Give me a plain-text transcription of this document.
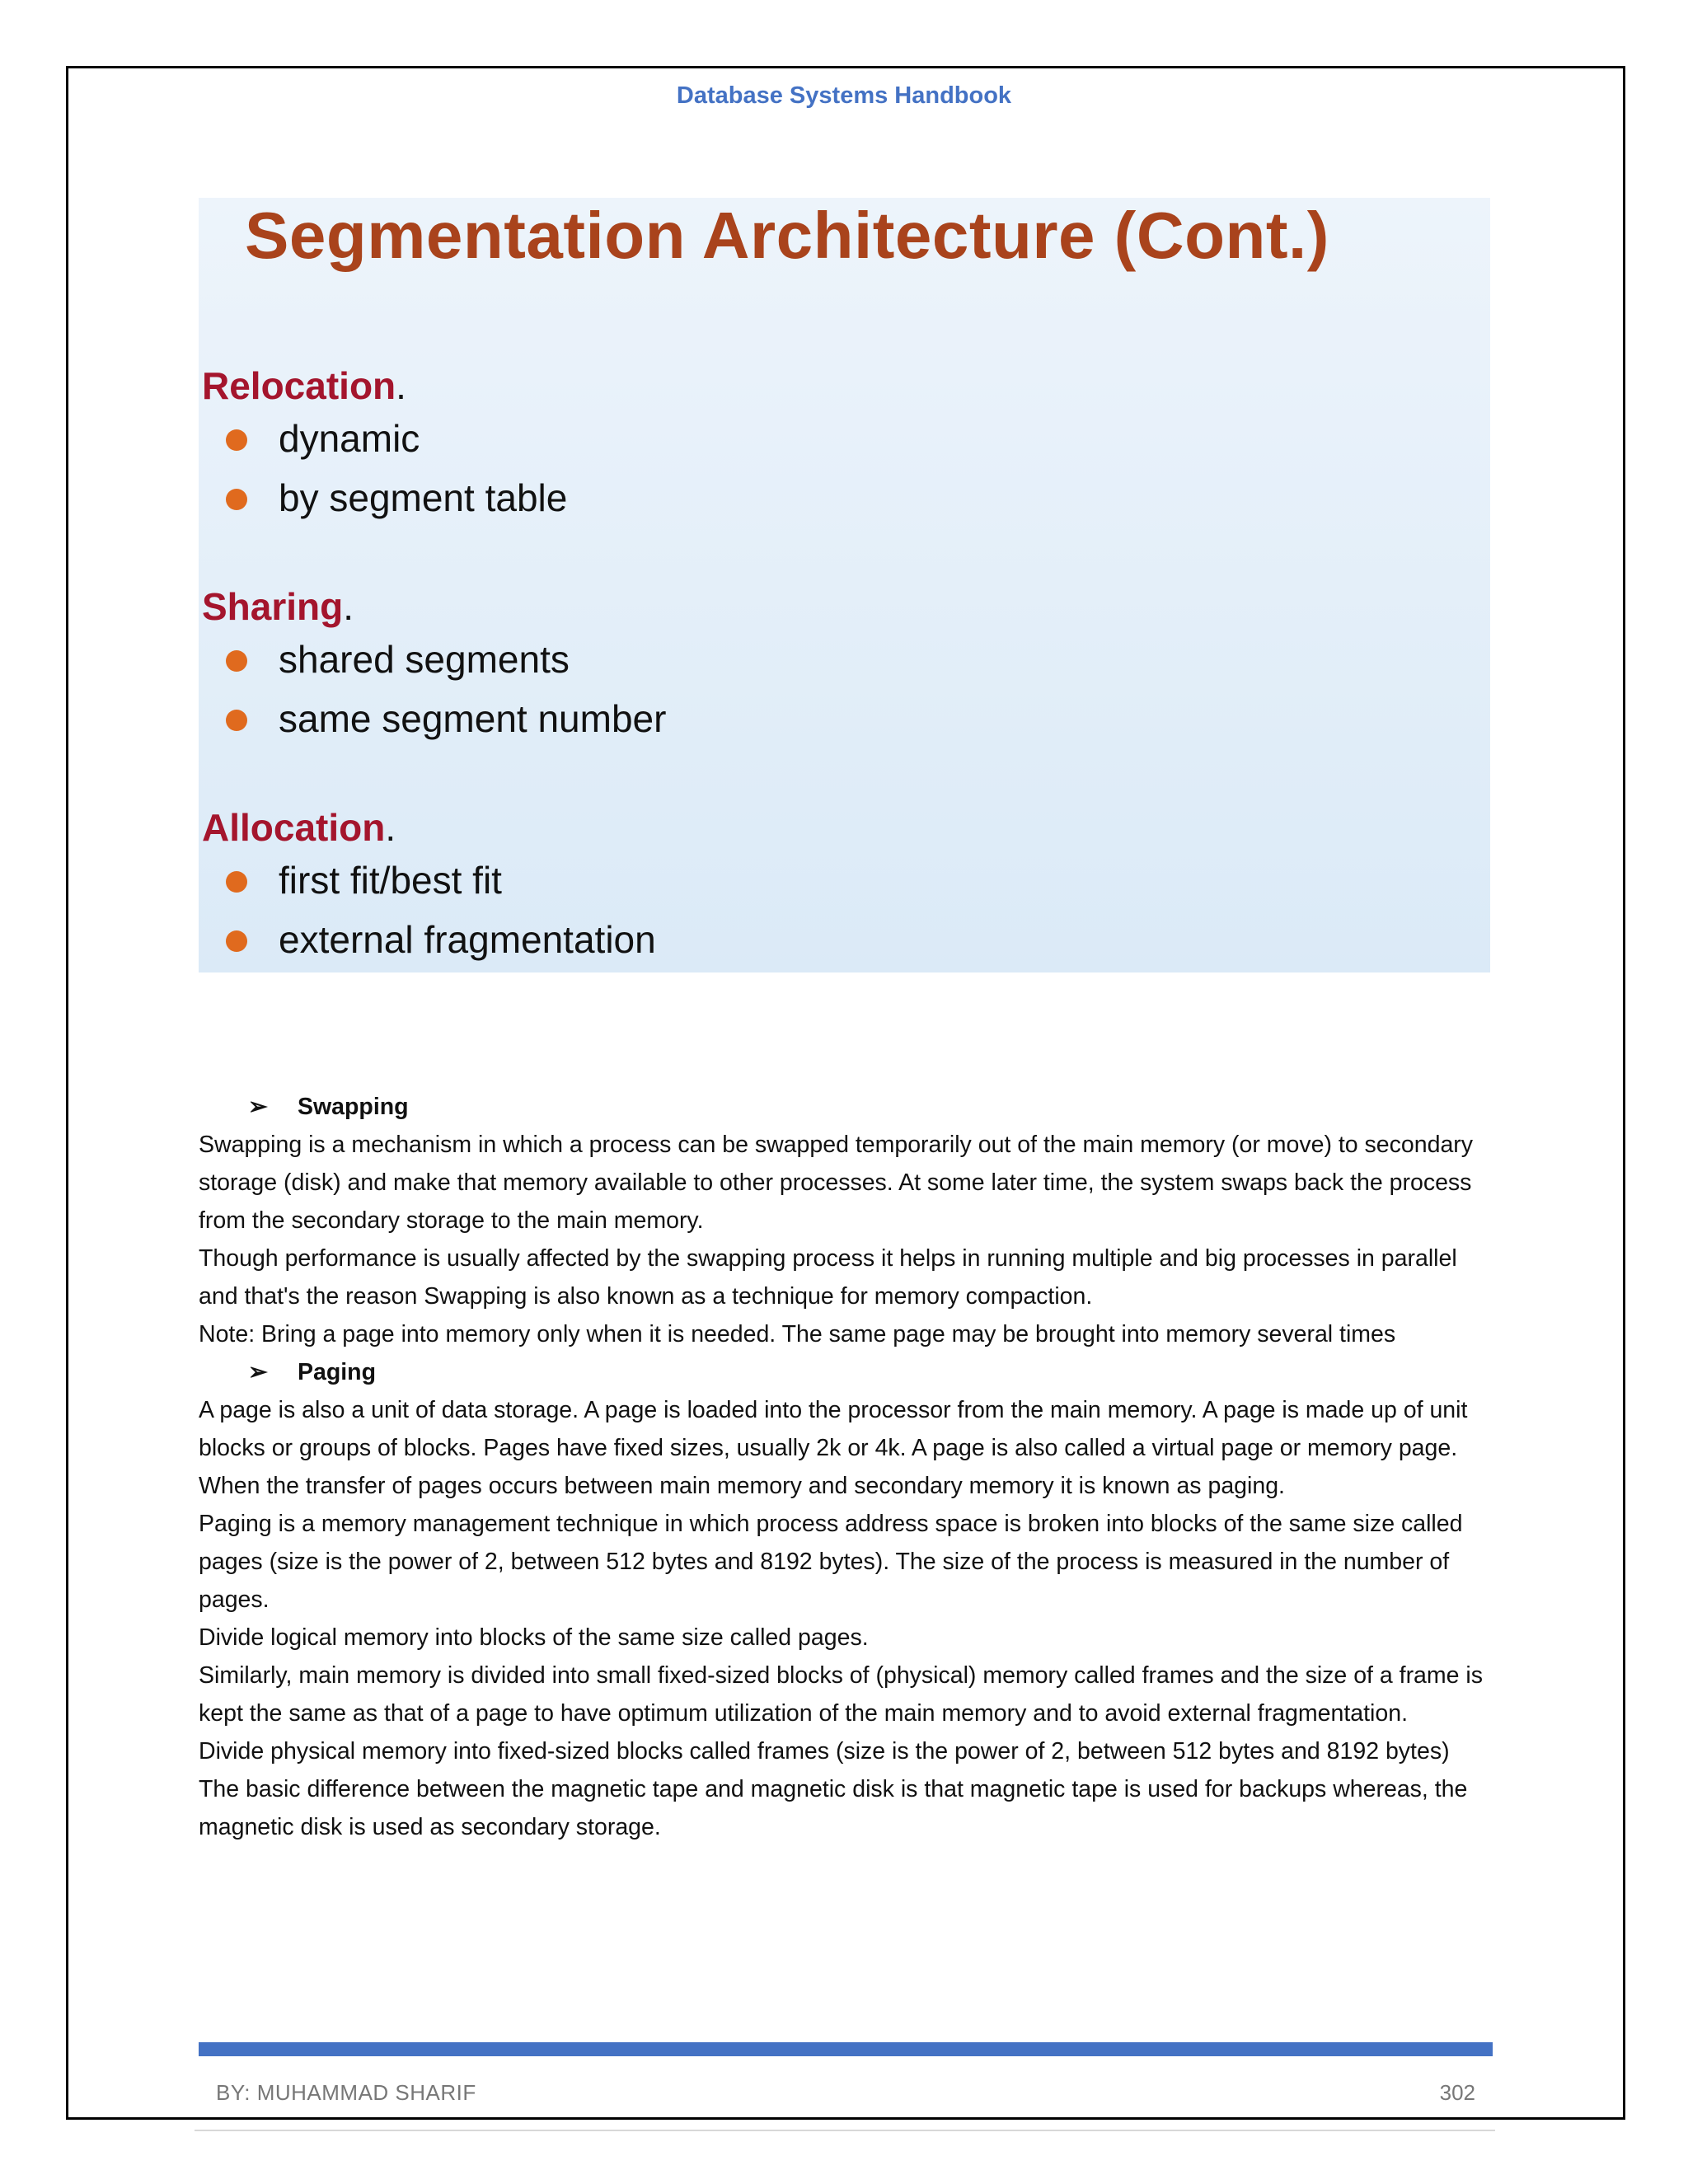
Database Systems Handbook
Segmentation Architecture (Cont.)
Relocation.
dynamic
by segment table
Sharing.
shared segments
same segment number
Allocation.
first fit/best fit
external fragmentation
➢ Swapping
Swapping is a mechanism in which a process can be swapped temporarily out of the main memory (or move) to secondary storage (disk) and make that memory available to other processes. At some later time, the system swaps back the process from the secondary storage to the main memory.
Though performance is usually affected by the swapping process it helps in running multiple and big processes in parallel and that's the reason Swapping is also known as a technique for memory compaction.
Note: Bring a page into memory only when it is needed. The same page may be brought into memory several times
➢ Paging
A page is also a unit of data storage. A page is loaded into the processor from the main memory. A page is made up of unit blocks or groups of blocks. Pages have fixed sizes, usually 2k or 4k. A page is also called a virtual page or memory page. When the transfer of pages occurs between main memory and secondary memory it is known as paging.
Paging is a memory management technique in which process address space is broken into blocks of the same size called pages (size is the power of 2, between 512 bytes and 8192 bytes). The size of the process is measured in the number of pages.
Divide logical memory into blocks of the same size called pages.
Similarly, main memory is divided into small fixed-sized blocks of (physical) memory called frames and the size of a frame is kept the same as that of a page to have optimum utilization of the main memory and to avoid external fragmentation.
Divide physical memory into fixed-sized blocks called frames (size is the power of 2, between 512 bytes and 8192 bytes)
The basic difference between the magnetic tape and magnetic disk is that magnetic tape is used for backups whereas, the magnetic disk is used as secondary storage.
BY: MUHAMMAD SHARIF	302
